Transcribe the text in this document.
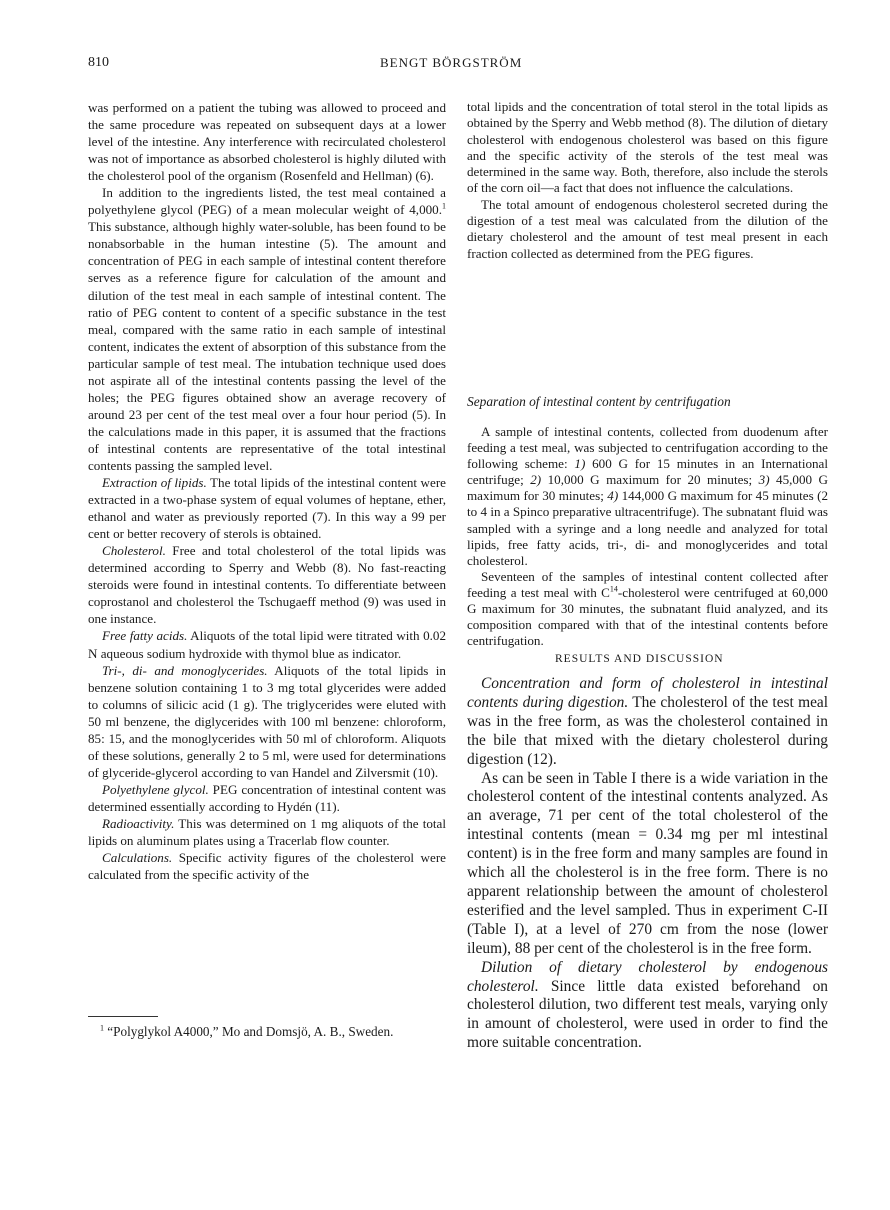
810	BENGT BÖRGSTRÖM

was performed on a patient the tubing was allowed to proceed and the same procedure was repeated on subsequent days at a lower level of the intestine. Any interference with recirculated cholesterol was not of importance as absorbed cholesterol is highly diluted with the cholesterol pool of the organism (Rosenfeld and Hellman) (6).

In addition to the ingredients listed, the test meal contained a polyethylene glycol (PEG) of a mean molecular weight of 4,000.$^1$ This substance, although highly water-soluble, has been found to be nonabsorbable in the human intestine (5). The amount and concentration of PEG in each sample of intestinal content therefore serves as a reference figure for calculation of the amount and dilution of the test meal in each sample of intestinal content. The ratio of PEG content to content of a specific substance in the test meal, compared with the same ratio in each sample of intestinal content, indicates the extent of absorption of this substance from the particular sample of test meal. The intubation technique used does not aspirate all of the intestinal contents passing the level of the holes; the PEG figures obtained show an average recovery of around 23 per cent of the test meal over a four hour period (5). In the calculations made in this paper, it is assumed that the fractions of intestinal contents are representative of the total intestinal contents passing the sampled level.

Extraction of lipids. The total lipids of the intestinal content were extracted in a two-phase system of equal volumes of heptane, ether, ethanol and water as previously reported (7). In this way a 99 per cent or better recovery of sterols is obtained.

Cholesterol. Free and total cholesterol of the total lipids was determined according to Sperry and Webb (8). No fast-reacting steroids were found in intestinal contents. To differentiate between coprostanol and cholesterol the Tschugaeff method (9) was used in one instance.

Free fatty acids. Aliquots of the total lipid were titrated with 0.02 N aqueous sodium hydroxide with thymol blue as indicator.

Tri-, di- and monoglycerides. Aliquots of the total lipids in benzene solution containing 1 to 3 mg total glycerides were added to columns of silicic acid (1 g). The triglycerides were eluted with 50 ml benzene, the diglycerides with 100 ml benzene: chloroform, 85: 15, and the monoglycerides with 50 ml of chloroform. Aliquots of these solutions, generally 2 to 5 ml, were used for determinations of glyceride-glycerol according to van Handel and Zilversmit (10).

Polyethylene glycol. PEG concentration of intestinal content was determined essentially according to Hydén (11).

Radioactivity. This was determined on 1 mg aliquots of the total lipids on aluminum plates using a Tracerlab flow counter.

Calculations. Specific activity figures of the cholesterol were calculated from the specific activity of the

$^1$ “Polyglykol A4000,” Mo and Domsjö, A. B., Sweden.

total lipids and the concentration of total sterol in the total lipids as obtained by the Sperry and Webb method (8). The dilution of dietary cholesterol with endogenous cholesterol was based on this figure and the specific activity of the sterols of the test meal was determined in the same way. Both, therefore, also include the sterols of the corn oil—a fact that does not influence the calculations.

The total amount of endogenous cholesterol secreted during the digestion of a test meal was calculated from the dilution of the dietary cholesterol and the amount of test meal present in each fraction collected as determined from the PEG figures.

Separation of intestinal content by centrifugation

A sample of intestinal contents, collected from duodenum after feeding a test meal, was subjected to centrifugation according to the following scheme: 1) 600 G for 15 minutes in an International centrifuge; 2) 10,000 G maximum for 20 minutes; 3) 45,000 G maximum for 30 minutes; 4) 144,000 G maximum for 45 minutes (2 to 4 in a Spinco preparative ultracentrifuge). The subnatant fluid was sampled with a syringe and a long needle and analyzed for total lipids, free fatty acids, tri-, di- and monoglycerides and total cholesterol.

Seventeen of the samples of intestinal content collected after feeding a test meal with $C^{14}$-cholesterol were centrifuged at 60,000 G maximum for 30 minutes, the subnatant fluid analyzed, and its composition compared with that of the intestinal contents before centrifugation.

RESULTS AND DISCUSSION

Concentration and form of cholesterol in intestinal contents during digestion. The cholesterol of the test meal was in the free form, as was the cholesterol contained in the bile that mixed with the dietary cholesterol during digestion (12).

As can be seen in Table I there is a wide variation in the cholesterol content of the intestinal contents analyzed. As an average, 71 per cent of the total cholesterol of the intestinal contents (mean = 0.34 mg per ml intestinal content) is in the free form and many samples are found in which all the cholesterol is in the free form. There is no apparent relationship between the amount of cholesterol esterified and the level sampled. Thus in experiment C-II (Table I), at a level of 270 cm from the nose (lower ileum), 88 per cent of the cholesterol is in the free form.

Dilution of dietary cholesterol by endogenous cholesterol. Since little data existed beforehand on cholesterol dilution, two different test meals, varying only in amount of cholesterol, were used in order to find the more suitable concentration.
